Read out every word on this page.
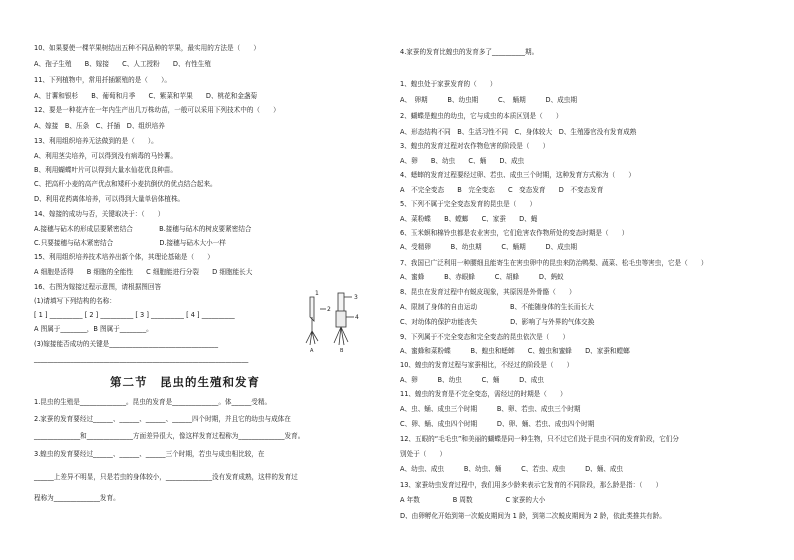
10、如果要使一棵苹果树结出五种不同品种的苹果，最实用的方法是（　　）
A、孢子生殖　　B、嫁接　　C、人工授粉　　D、有性生殖
11、下列植物中，常用扦插繁殖的是（　　）。
A、甘薯和银杉　　B、葡萄和月季　　C、紫菜和苹果　　D、桃花和金盏菊
12、要是一种花卉在一年内生产出几万株幼苗，一般可以采用下列技术中的（　　）
A、嫁接　B、压条　C、扦插　D、组织培养
13、利用组织培养无法做到的是（　　）。
A、利用茎尖培养，可以得到没有病毒的马铃薯。
B、利用蝴蝶叶片可以得到大量水仙花优良种苗。
C、把高秆小麦的高产优点和矮秆小麦抗倒伏的优点结合起来。
D、利用花药离体培养，可以得到大量单倍体植株。
14、嫁接的成功与否，关键取决于：（　　）
A.接穗与砧木的形成层要紧密结合　　　　B.接穗与砧木的树皮要紧密结合
C.只要接穗与砧木紧密结合　　　　　　　D.接穗与砧木大小一样
15、利用组织培养技术培养出新个体，其理论基础是（　　）
A 细胞是活得　　B 细胞的全能性　　C 细胞能进行分裂　　D 细胞能长大
16、右图为嫁接过程示意图，请根据图回答
(1)请填写下列结构的名称：
[ 1 ] __________ [ 2 ] __________ [ 3 ] __________ [ 4 ] __________
A 图属于________，B 图属于________。
(3)嫁接能否成功的关键是_________________________________
_________________________________________________________________
1.昆虫的生殖是______________。昆虫的发育是______________。体______受精。
2.家蚕的发育要经过______、______、______、______四个时期，并且它的幼虫与成体在
______________和______________方面差异很大，像这样发育过程称为______________发育。
3.蝗虫的发育要经过______、______、______三个时期，若虫与成虫相比较，在
______上差异不明显，只是若虫的身体较小，______________没有发育成熟，这样的发育过
程称为______________发育。
第二节　昆虫的生殖和发育
4.家蚕的发育比蝗虫的发育多了__________期。
1、蝗虫处于家蚕发育的（　　）
A、　卵期　　　B、幼虫期　　　C、　蛹期　　　D、成虫期
2、蝴蝶是蝗虫的幼虫，它与成虫的本质区别是（　　）
A、形态结构不同　B、生活习性不同　C、身体较大　D、生殖器官没有发育成熟
3、蝗虫的发育过程对农作物危害的阶段是（　　）
A、卵　　B、幼虫　　C、蛹　　D、成虫
4、蟋蟀的发育过程要经过卵、若虫、成虫三个时期，这种发育方式称为（　　）
A　不完全变态　　B　完全变态　　C　变态发育　　D　不变态发育
5、下列不属于完全变态发育的昆虫是（　　）
A、菜粉蝶　　B、螳螂　　C、家蚕　　D、蝇
6、玉米螟和棉铃虫都是农业害虫，它们危害农作物所处的变态时期是（　　）
A、受精卵　　　B、幼虫期　　　C、蛹期　　　D、成虫期
7、我国已广泛利用一种腰细且能寄生在害虫卵中的昆虫来防治鸭梨、蔬菜、松毛虫等害虫，它是（　　）
A、蜜蜂　　　B、赤眼蜂　　　C、胡蜂　　　D、蚂蚁
8、昆虫在发育过程中有蜕皮现象，其原因是外骨骼（　　）
A、限制了身体的自由运动　　　　　B、不能随身体的生长而长大
C、对幼体的保护功能丧失　　　　　D、影响了与外界的气体交换
9、下列属于不完全变态和完全变态的昆虫依次是（　　）
A、蜜蜂和菜粉蝶　　　B、蝗虫和蟋蟀　　C、蝗虫和蜜蜂　　D、家蚕和螳螂
10、蝗虫的发育过程与家蚕相比，不经过的阶段是（　　）
A、卵　　　B、幼虫　　　C、蛹　　　D、成虫
11、蝗虫的发育是不完全变态，需经过的时期是（　　）
A、虫、蛹、成虫三个时期　　　B、卵、若虫、成虫三个时期
C、卵、蛹、成虫四个时期　　　D、卵、蛹、若虫、成虫四个时期
12、五眼的“毛毛虫”和美丽的蝴蝶是同一种生物，只不过它们处于昆虫不同的发育阶段，它们分
别处于（　　）
A、幼虫、成虫　　　B、幼虫、蛹　　　C、若虫、成虫　　　D、蛹、成虫
13、家蚕幼虫发育过程中，我们用多少龄来表示它发育的不同阶段，那么龄是指：（　　）
A 年数　　　　　B 周数　　　　　C 家蚕的大小
D、由卵孵化开始到第一次蜕皮期间为 1 龄，到第二次蜕皮期间为 2 龄，依此类推共有龄。
3
2
4
1
A	B
